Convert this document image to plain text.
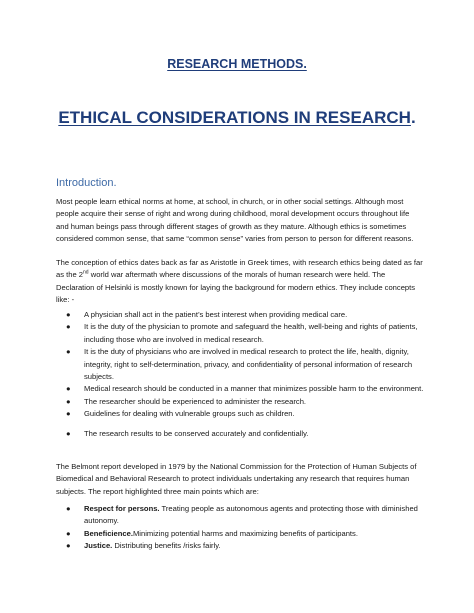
RESEARCH METHODS.
ETHICAL CONSIDERATIONS IN RESEARCH.
Introduction.

Most people learn ethical norms at home, at school, in church, or in other social settings. Although most people acquire their sense of right and wrong during childhood, moral development occurs throughout life and human beings pass through different stages of growth as they mature. Although ethics is sometimes considered common sense, that same “common sense” varies from person to person for different reasons.

The conception of ethics dates back as far as Aristotle in Greek times, with research ethics being dated as far as the 2nd world war aftermath where discussions of the morals of human research were held. The Declaration of Helsinki is mostly known for laying the background for modern ethics. They include concepts like: -

● A physician shall act in the patient’s best interest when providing medical care.
● It is the duty of the physician to promote and safeguard the health, well-being and rights of patients, including those who are involved in medical research.
● It is the duty of physicians who are involved in medical research to protect the life, health, dignity, integrity, right to self-determination, privacy, and confidentiality of personal information of research subjects.
● Medical research should be conducted in a manner that minimizes possible harm to the environment.
● The researcher should be experienced to administer the research.
● Guidelines for dealing with vulnerable groups such as children.
● The research results to be conserved accurately and confidentially.

The Belmont report developed in 1979 by the National Commission for the Protection of Human Subjects of Biomedical and Behavioral Research to protect individuals undertaking any research that requires human subjects. The report highlighted three main points which are:

● Respect for persons. Treating people as autonomous agents and protecting those with diminished autonomy.
● Beneficience.Minimizing potential harms and maximizing benefits of participants.
● Justice. Distributing benefits /risks fairly.
